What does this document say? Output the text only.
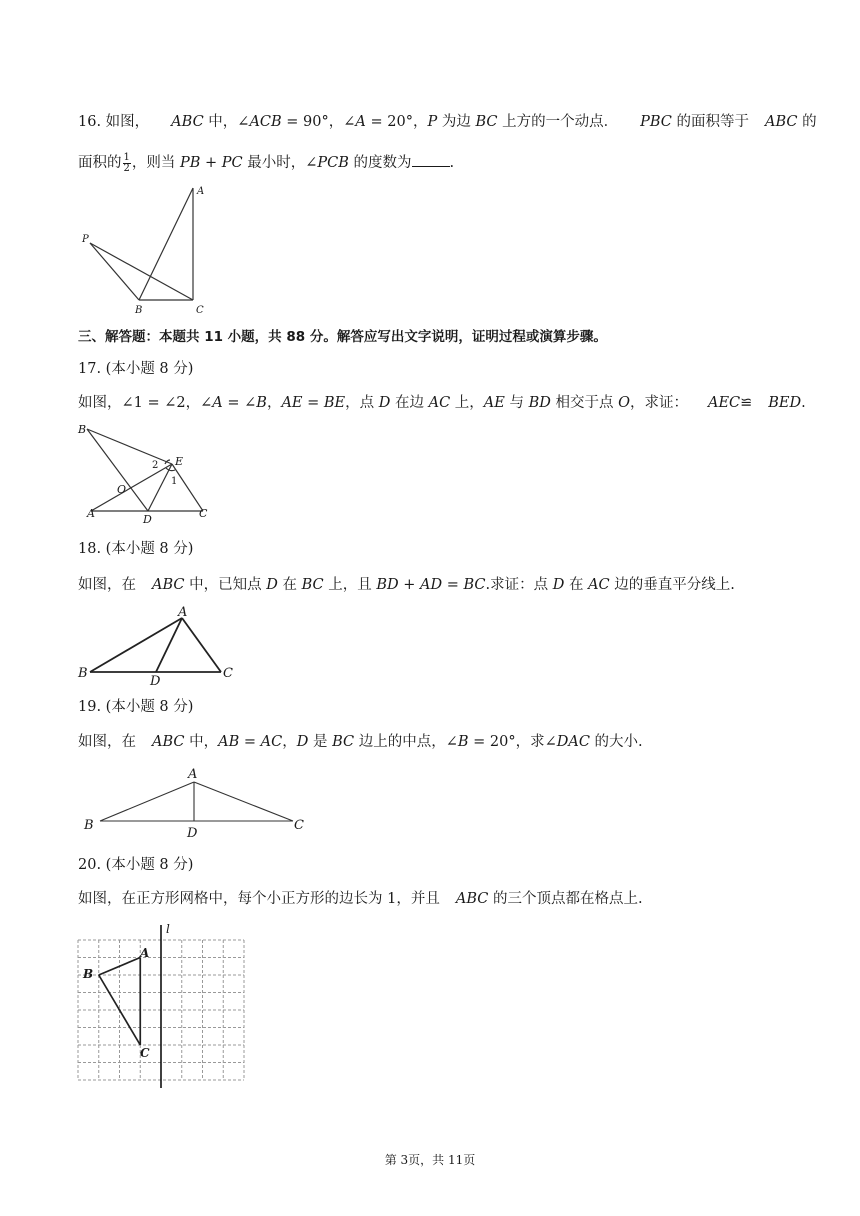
16. 如图， ABC 中，∠ACB = 90°，∠A = 20°，P 为边 BC 上方的一个动点． PBC 的面积等于 ABC 的
面积的 $\frac{1}{2}$ ，则当 PB + PC 最小时，∠PCB 的度数为	.
A
P
B	C
三、解答题：本题共 11 小题，共 88 分。解答应写出文字说明，证明过程或演算步骤。
17. (本小题 8 分)
如图，∠1 = ∠2，∠A = ∠B，AE = BE，点 D 在边 AC 上，AE 与 BD 相交于点 O，求证： AEC≌ BED.
B
E
2
1
O
A	D	C
18. (本小题 8 分)
如图，在 ABC 中，已知点 D 在 BC 上，且 BD + AD = BC.求证：点 D 在 AC 边的垂直平分线上.
A
B
D
C
19. (本小题 8 分)
如图，在 ABC 中，AB = AC，D 是 BC 边上的中点，∠B = 20°，求∠DAC 的大小.
A
B
D
C
20. (本小题 8 分)
如图，在正方形网格中，每个小正方形的边长为 1，并且 ABC 的三个顶点都在格点上.
l
A
B
C
第 3页，共 11页
